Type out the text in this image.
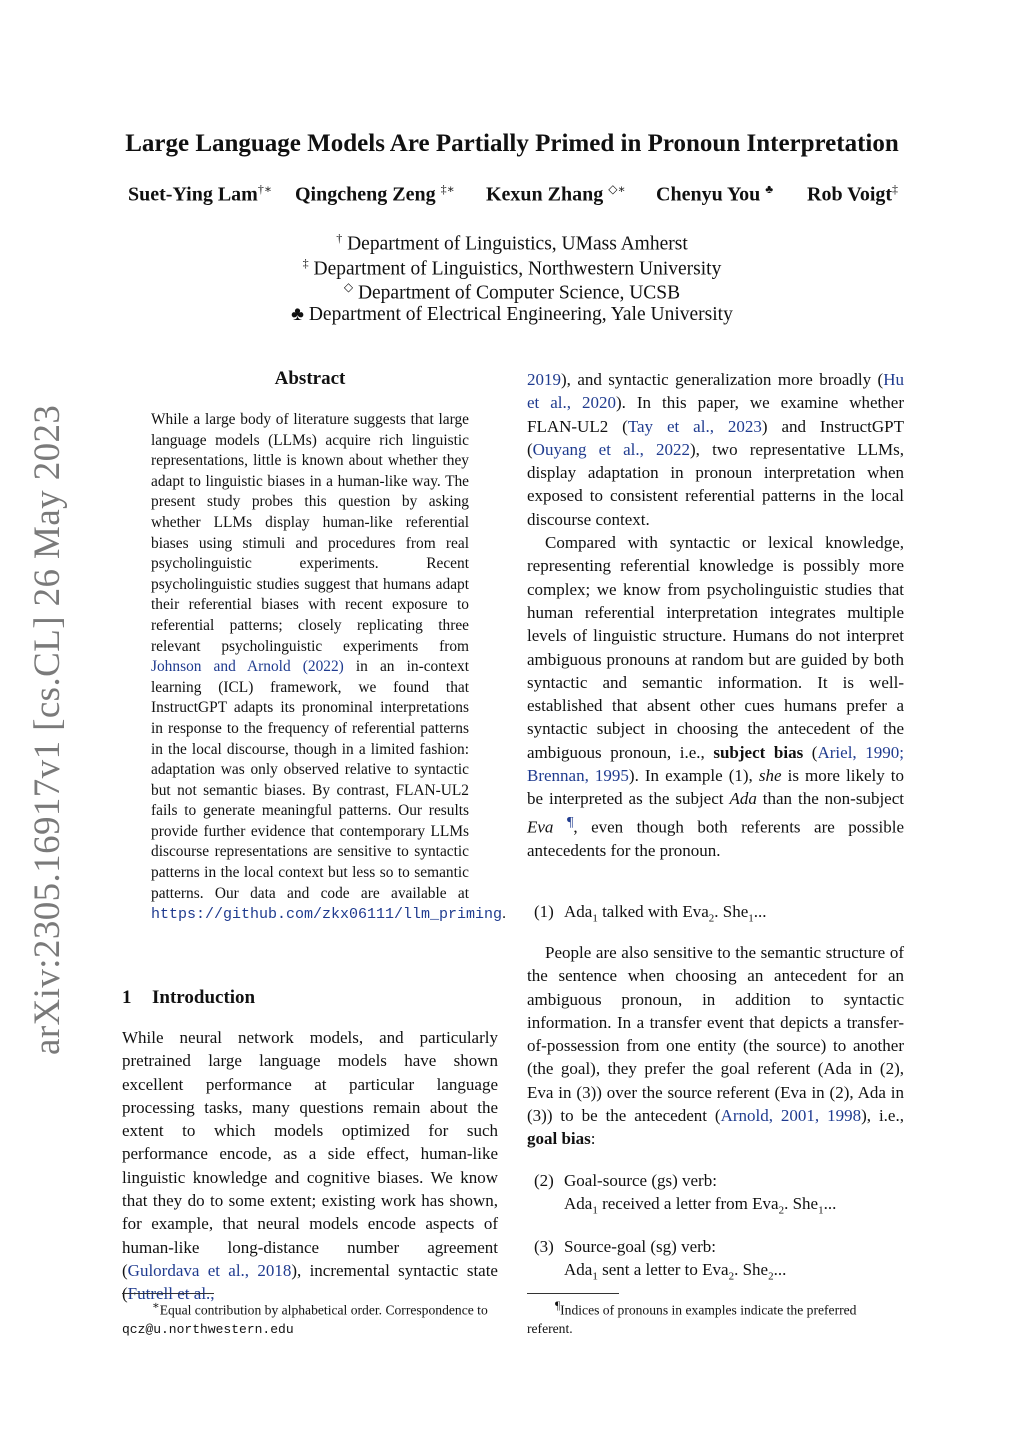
arXiv:2305.16917v1 [cs.CL] 26 May 2023
Large Language Models Are Partially Primed in Pronoun Interpretation
Suet-Ying Lam†∗ Qingcheng Zeng ‡∗ Kexun Zhang ◇∗ Chenyu You ♣ Rob Voigt‡
† Department of Linguistics, UMass Amherst
‡ Department of Linguistics, Northwestern University
◇ Department of Computer Science, UCSB
♣ Department of Electrical Engineering, Yale University
Abstract
While a large body of literature suggests that large language models (LLMs) acquire rich linguistic representations, little is known about whether they adapt to linguistic biases in a human-like way. The present study probes this question by asking whether LLMs display human-like referential biases using stimuli and procedures from real psycholinguistic experiments. Recent psycholinguistic studies suggest that humans adapt their referential biases with recent exposure to referential patterns; closely replicating three relevant psycholinguistic experiments from Johnson and Arnold (2022) in an in-context learning (ICL) framework, we found that InstructGPT adapts its pronominal interpretations in response to the frequency of referential patterns in the local discourse, though in a limited fashion: adaptation was only observed relative to syntactic but not semantic biases. By contrast, FLAN-UL2 fails to generate meaningful patterns. Our results provide further evidence that contemporary LLMs discourse representations are sensitive to syntactic patterns in the local context but less so to semantic patterns. Our data and code are available at https://github.com/zkx06111/llm_priming.
1 Introduction
While neural network models, and particularly pretrained large language models have shown excellent performance at particular language processing tasks, many questions remain about the extent to which models optimized for such performance encode, as a side effect, human-like linguistic knowledge and cognitive biases. We know that they do to some extent; existing work has shown, for example, that neural models encode aspects of human-like long-distance number agreement (Gulordava et al., 2018), incremental syntactic state (Futrell et al.,
∗Equal contribution by alphabetical order. Correspondence to qcz@u.northwestern.edu

2019), and syntactic generalization more broadly (Hu et al., 2020). In this paper, we examine whether FLAN-UL2 (Tay et al., 2023) and InstructGPT (Ouyang et al., 2022), two representative LLMs, display adaptation in pronoun interpretation when exposed to consistent referential patterns in the local discourse context.

Compared with syntactic or lexical knowledge, representing referential knowledge is possibly more complex; we know from psycholinguistic studies that human referential interpretation integrates multiple levels of linguistic structure. Humans do not interpret ambiguous pronouns at random but are guided by both syntactic and semantic information. It is well-established that absent other cues humans prefer a syntactic subject in choosing the antecedent of the ambiguous pronoun, i.e., subject bias (Ariel, 1990; Brennan, 1995). In example (1), she is more likely to be interpreted as the subject Ada than the non-subject Eva ¶, even though both referents are possible antecedents for the pronoun.

(1) Ada$_1$ talked with Eva$_2$. She$_1$...
People are also sensitive to the semantic structure of the sentence when choosing an antecedent for an ambiguous pronoun, in addition to syntactic information. In a transfer event that depicts a transfer-of-possession from one entity (the source) to another (the goal), they prefer the goal referent (Ada in (2), Eva in (3)) over the source referent (Eva in (2), Ada in (3)) to be the antecedent (Arnold, 2001, 1998), i.e., goal bias:
(2) Goal-source (gs) verb:
Ada$_1$ received a letter from Eva$_2$. She$_1$...
(3) Source-goal (sg) verb:
Ada$_1$ sent a letter to Eva$_2$. She$_2$...
¶Indices of pronouns in examples indicate the preferred referent.
